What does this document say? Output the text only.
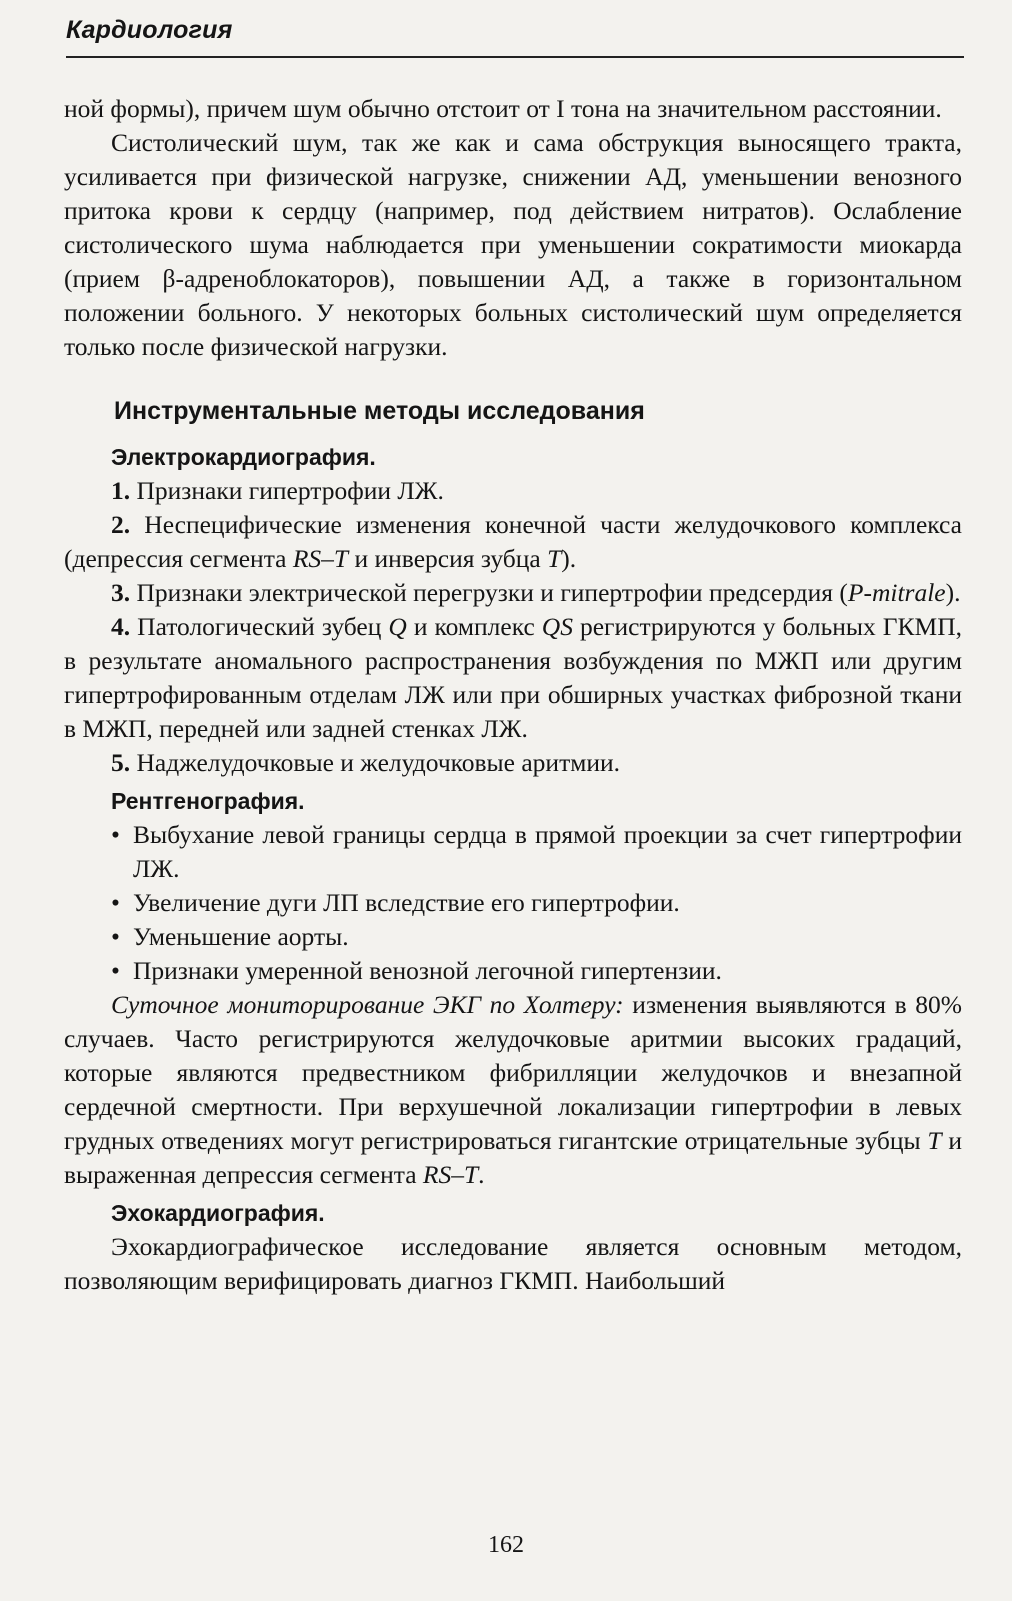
Кардиология

ной формы), причем шум обычно отстоит от I тона на значительном расстоянии.

Систолический шум, так же как и сама обструкция выносящего тракта, усиливается при физической нагрузке, снижении АД, уменьшении венозного притока крови к сердцу (например, под действием нитратов). Ослабление систолического шума наблюдается при уменьшении сократимости миокарда (прием β-адреноблокаторов), повышении АД, а также в горизонтальном положении больного. У некоторых больных систолический шум определяется только после физической нагрузки.

Инструментальные методы исследования
Электрокардиография.

1. Признаки гипертрофии ЛЖ.

2. Неспецифические изменения конечной части желудочкового комплекса (депрессия сегмента RS–T и инверсия зубца T).

3. Признаки электрической перегрузки и гипертрофии предсердия (P-mitrale).

4. Патологический зубец Q и комплекс QS регистрируются у больных ГКМП, в результате аномального распространения возбуждения по МЖП или другим гипертрофированным отделам ЛЖ или при обширных участках фиброзной ткани в МЖП, передней или задней стенках ЛЖ.

5. Наджелудочковые и желудочковые аритмии.

Рентгенография.

• Выбухание левой границы сердца в прямой проекции за счет гипертрофии ЛЖ.

• Увеличение дуги ЛП вследствие его гипертрофии.

• Уменьшение аорты.

• Признаки умеренной венозной легочной гипертензии.

Суточное мониторирование ЭКГ по Холтеру: изменения выявляются в 80% случаев. Часто регистрируются желудочковые аритмии высоких градаций, которые являются предвестником фибрилляции желудочков и внезапной сердечной смертности. При верхушечной локализации гипертрофии в левых грудных отведениях могут регистрироваться гигантские отрицательные зубцы T и выраженная депрессия сегмента RS–T.

Эхокардиография.

Эхокардиографическое исследование является основным методом, позволяющим верифицировать диагноз ГКМП. Наибольший

162
